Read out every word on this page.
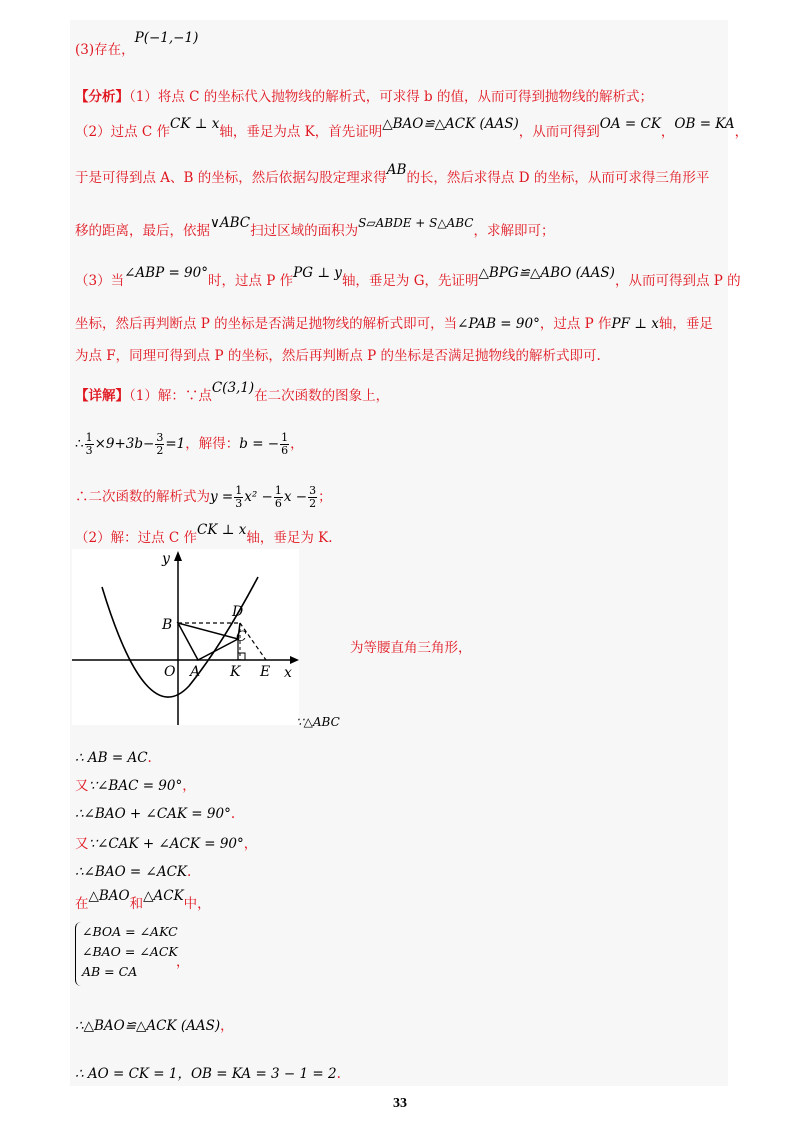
(3)存在，P(−1,−1)
【分析】（1）将点 C 的坐标代入抛物线的解析式，可求得 b 的值，从而可得到抛物线的解析式；
（2）过点 C 作CK ⊥ x轴，垂足为点 K，首先证明△BAO≌△ACK (AAS)，从而可得到OA = CK，OB = KA，
于是可得到点 A、B 的坐标，然后依据勾股定理求得AB的长，然后求得点 D 的坐标，从而可求得三角形平
移的距离，最后，依据∨ABC扫过区域的面积为S▱ABDE + S△ABC，求解即可；
（3）当∠ABP = 90°时，过点 P 作PG ⊥ y轴，垂足为 G，先证明△BPG≌△ABO (AAS)，从而可得到点 P 的
坐标，然后再判断点 P 的坐标是否满足抛物线的解析式即可，当∠PAB = 90°，过点 P 作PF ⊥ x轴，垂足
为点 F，同理可得到点 P 的坐标，然后再判断点 P 的坐标是否满足抛物线的解析式即可.
【详解】（1）解：∵点C(3,1)在二次函数的图象上，
∴ $\frac{1}{3} \times 9+3b- \frac{3}{2} =1$，解得：b = − $\frac{1}{6}$ ，
∴二次函数的解析式为$y = \frac{1}{3} x^2 - \frac{1}{6}$ $x - \frac{3}{2}$ ；
（2）解：过点 C 作CK ⊥ x轴，垂足为 K.
y
x
B
D
C
O A K E
为等腰直角三角形，
∵△ABC
∴ AB = AC.
又∵∠BAC = 90°，
∴∠BAO + ∠CAK = 90°.
又∵∠CAK + ∠ACK = 90°，
∴∠BAO = ∠ACK.
在△BAO和△ACK中，
∠BOA = ∠AKC
∠BAO = ∠ACK
AB = CA
，
∴△BAO≌△ACK (AAS)，
∴ AO = CK = 1，OB = KA = 3 − 1 = 2.
33
